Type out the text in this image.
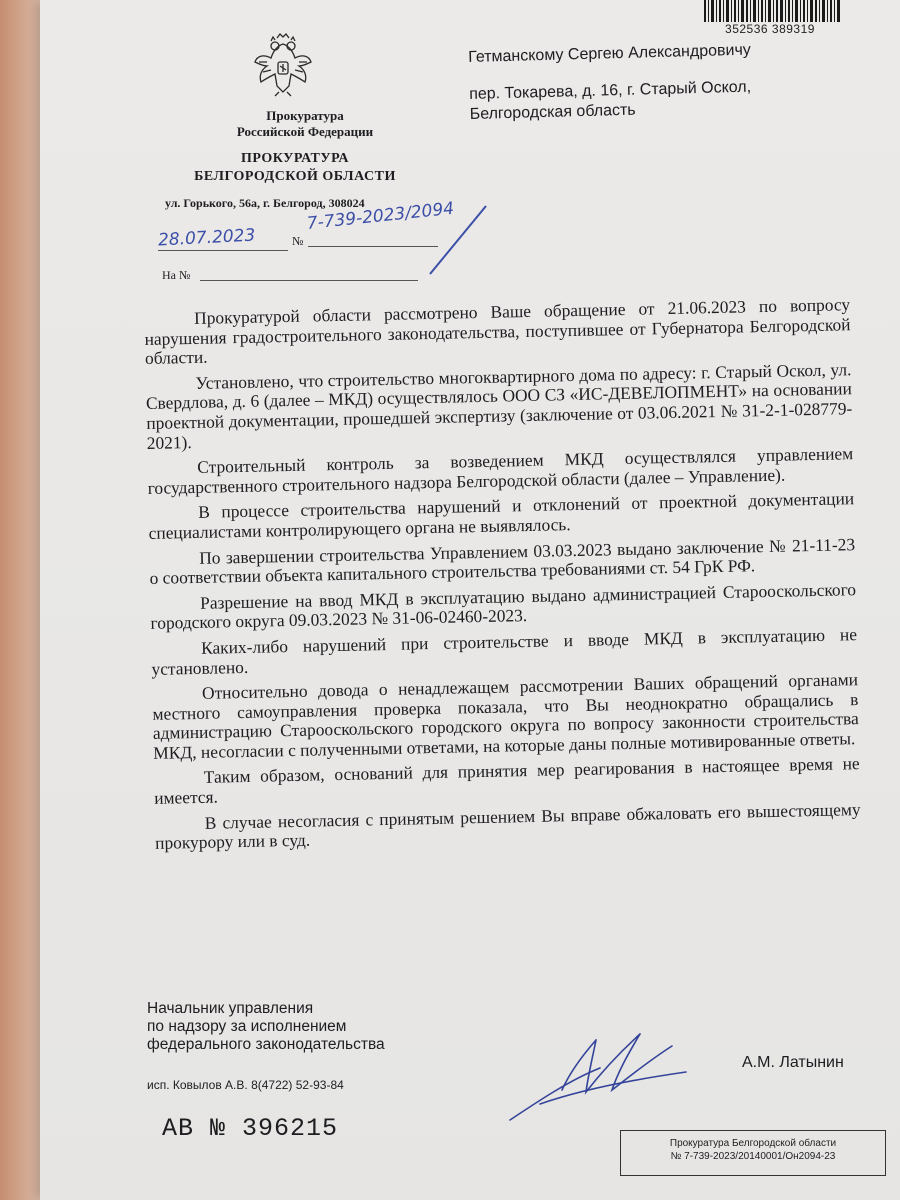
352536 389319
Прокуратура
Российской Федерации
ПРОКУРАТУРА
БЕЛГОРОДСКОЙ ОБЛАСТИ
ул. Горького, 56а, г. Белгород, 308024
28.07.2023	№
7-739-2023/2094
На №

Гетманскому Сергею Александровичу

пер. Токарева, д. 16, г. Старый Оскол,

Белгородская область

Прокуратурой области рассмотрено Ваше обращение от 21.06.2023 по вопросу нарушения градостроительного законодательства, поступившее от Губернатора Белгородской области.

Установлено, что строительство многоквартирного дома по адресу: г. Старый Оскол, ул. Свердлова, д. 6 (далее – МКД) осуществлялось ООО СЗ «ИС-ДЕВЕЛОПМЕНТ» на основании проектной документации, прошедшей экспертизу (заключение от 03.06.2021 № 31-2-1-028779-2021).

Строительный контроль за возведением МКД осуществлялся управлением государственного строительного надзора Белгородской области (далее – Управление).

В процессе строительства нарушений и отклонений от проектной документации специалистами контролирующего органа не выявлялось.

По завершении строительства Управлением 03.03.2023 выдано заключение № 21-11-23 о соответствии объекта капитального строительства требованиями ст. 54 ГрК РФ.

Разрешение на ввод МКД в эксплуатацию выдано администрацией Старооскольского городского округа 09.03.2023 № 31-06-02460-2023.

Каких-либо нарушений при строительстве и вводе МКД в эксплуатацию не установлено.

Относительно довода о ненадлежащем рассмотрении Ваших обращений органами местного самоуправления проверка показала, что Вы неоднократно обращались в администрацию Старооскольского городского округа по вопросу законности строительства МКД, несогласии с полученными ответами, на которые даны полные мотивированные ответы.

Таким образом, оснований для принятия мер реагирования в настоящее время не имеется.

В случае несогласия с принятым решением Вы вправе обжаловать его вышестоящему прокурору или в суд.

Начальник управления
по надзору за исполнением
федерального законодательства
А.М. Латынин
исп. Ковылов А.В. 8(4722) 52-93-84
АВ № 396215
Прокуратура Белгородской области
№ 7-739-2023/20140001/Он2094-23
